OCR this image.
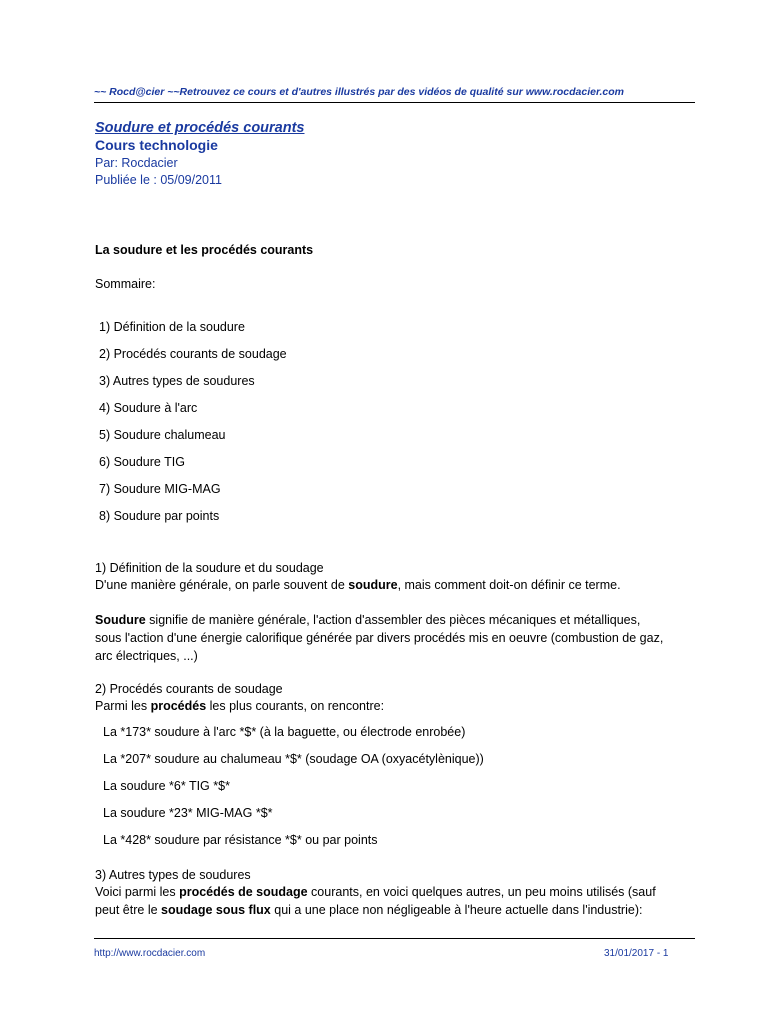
~~ Rocd@cier ~~Retrouvez ce cours et d'autres illustrés par des vidéos de qualité sur www.rocdacier.com
Soudure et procédés courants
Cours technologie
Par: Rocdacier
Publiée le : 05/09/2011
La soudure et les procédés courants
Sommaire:
1) Définition de la soudure
2) Procédés courants de soudage
3) Autres types de soudures
4) Soudure à l'arc
5) Soudure chalumeau
6) Soudure TIG
7) Soudure MIG-MAG
8) Soudure par points
1) Définition de la soudure et du soudage
D'une manière générale, on parle souvent de soudure, mais comment doit-on définir ce terme.
Soudure signifie de manière générale, l'action d'assembler des pièces mécaniques et métalliques, sous l'action d'une énergie calorifique générée par divers procédés mis en oeuvre (combustion de gaz, arc électriques, ...)
2) Procédés courants de soudage
Parmi les procédés les plus courants, on rencontre:
La *173* soudure à l'arc *$* (à la baguette, ou électrode enrobée)
La *207* soudure au chalumeau *$* (soudage OA (oxyacétylènique))
La soudure *6* TIG *$*
La soudure *23* MIG-MAG *$*
La *428* soudure par résistance *$* ou par points
3) Autres types de soudures
Voici parmi les procédés de soudage courants, en voici quelques autres, un peu moins utilisés (sauf peut être le soudage sous flux qui a une place non négligeable à l'heure actuelle dans l'industrie):
http://www.rocdacier.com	31/01/2017 - 1
